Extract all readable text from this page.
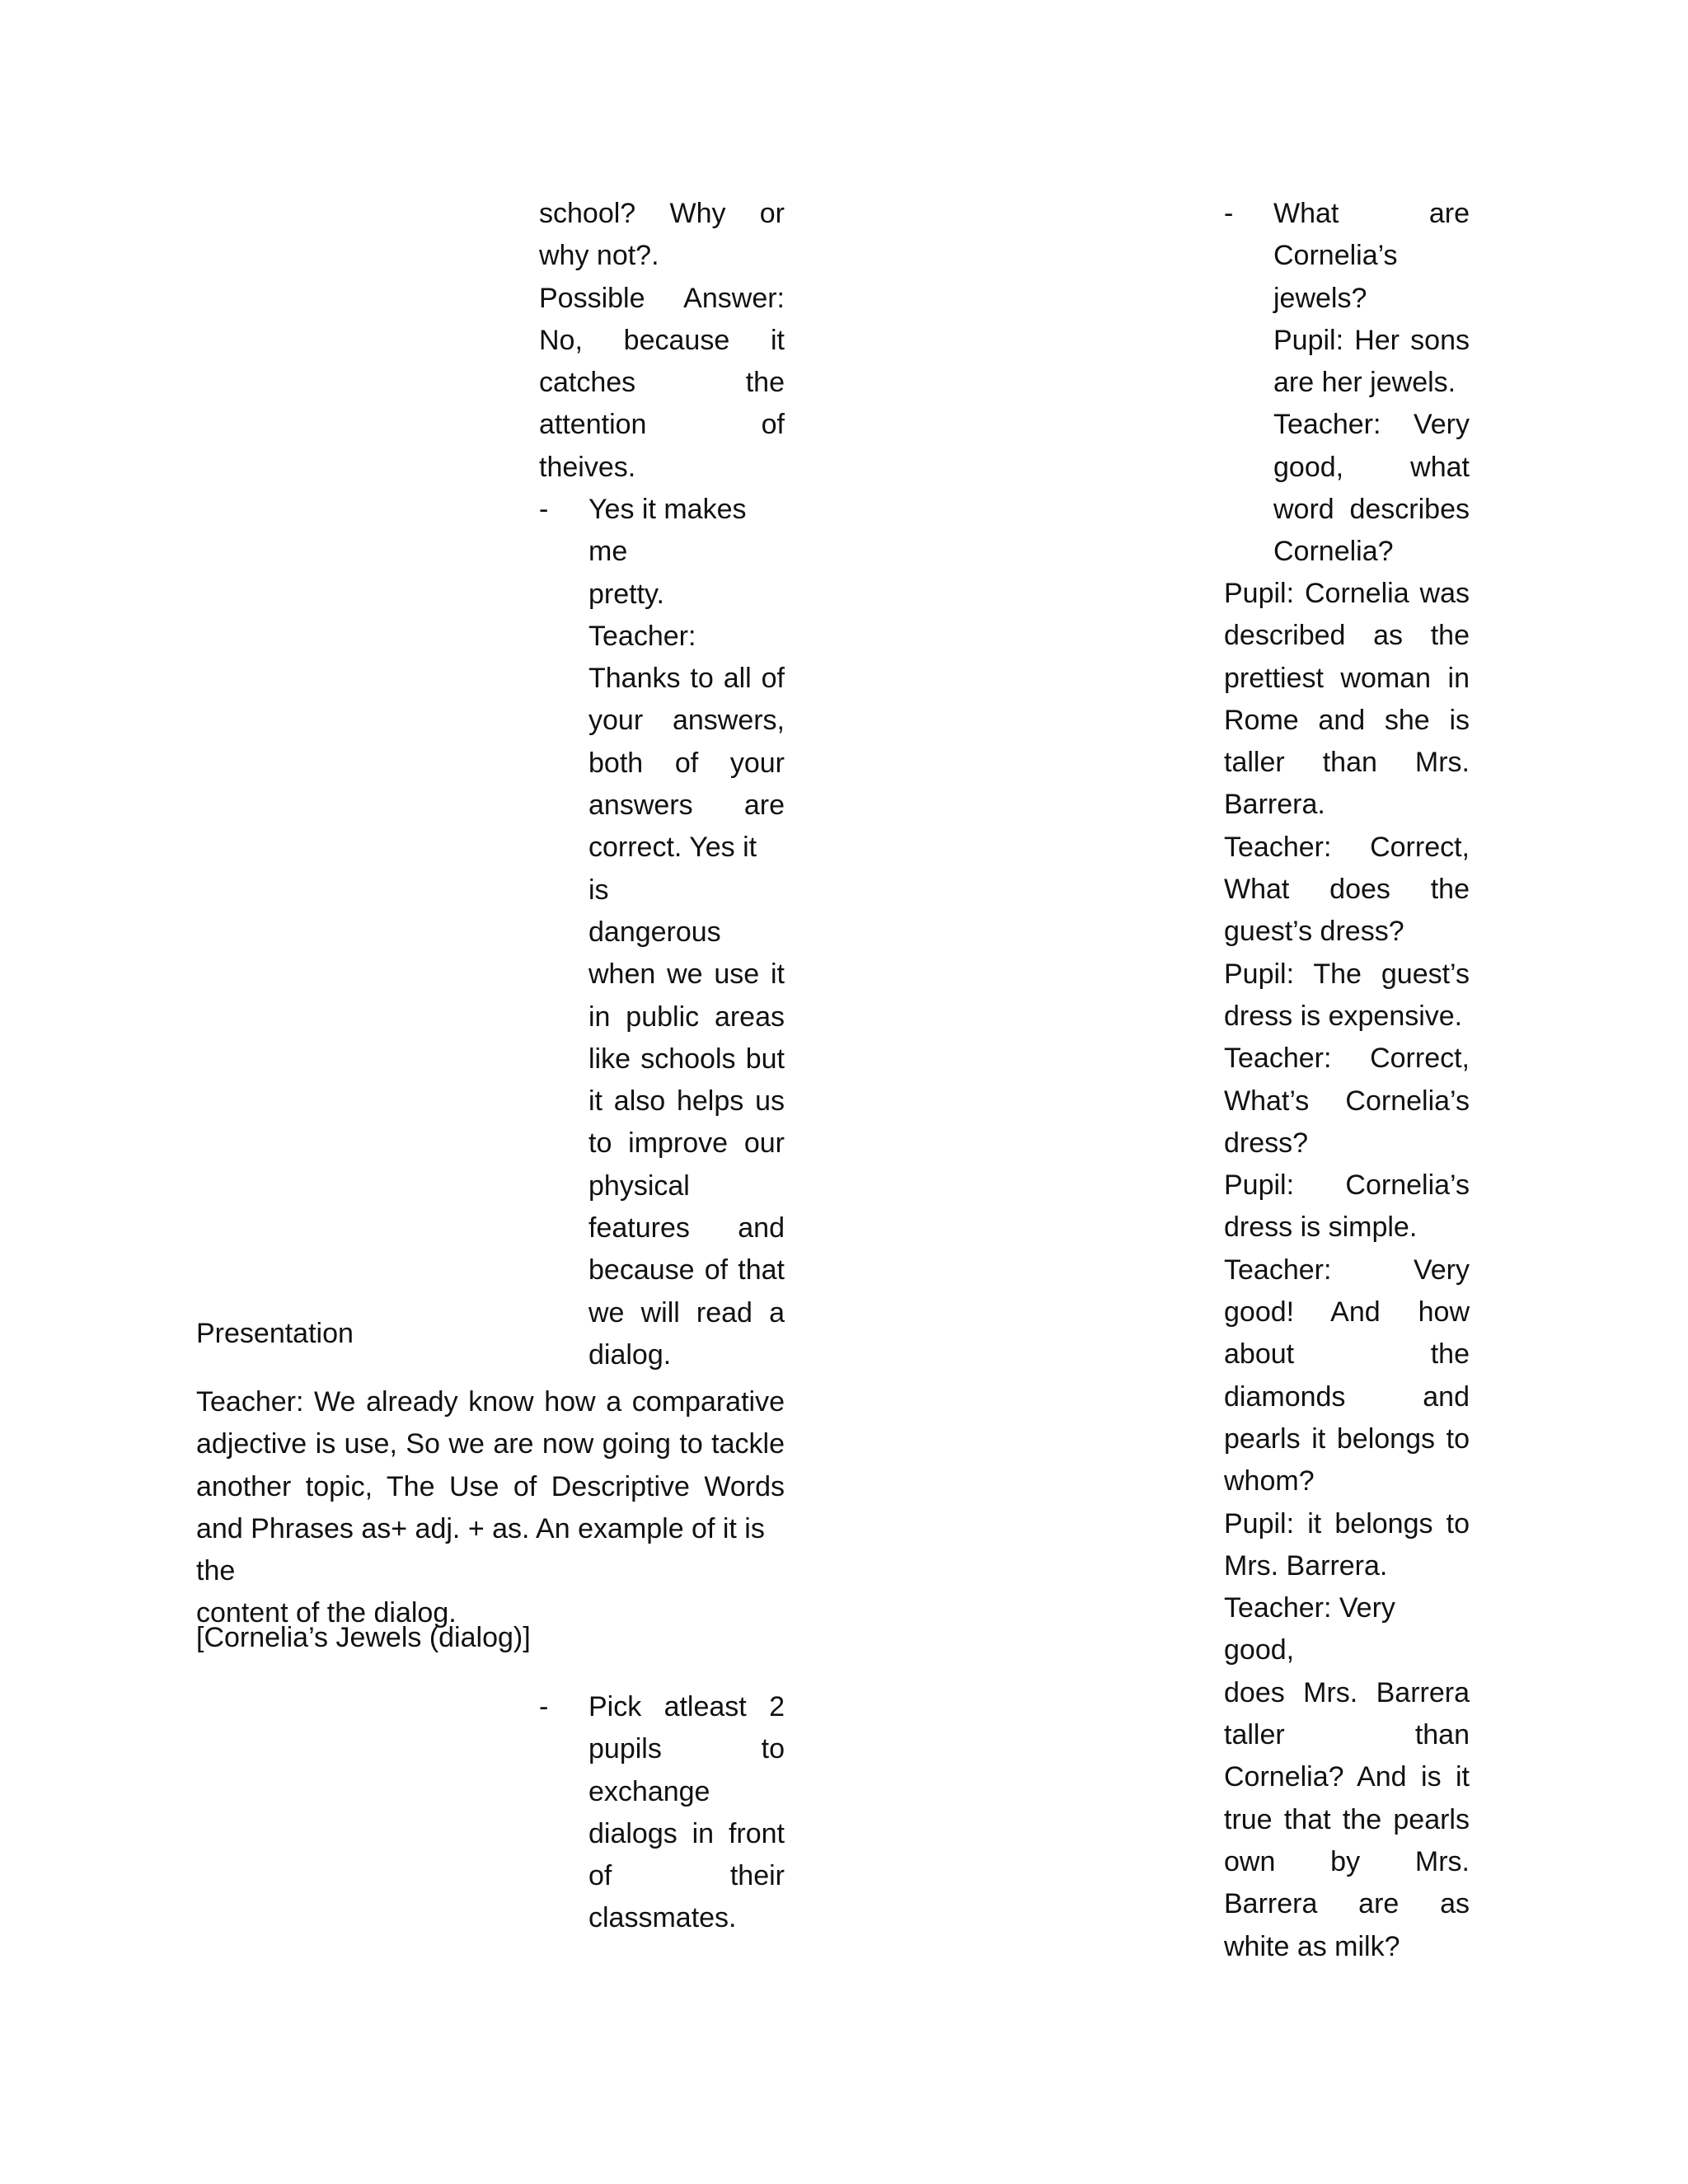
school? Why or
why not?.
Possible Answer:
No, because it
catches the
attention of
theives.
- Yes it makes me
pretty.
Teacher:
Thanks to all of
your answers,
both of your
answers are
correct. Yes it is
dangerous
when we use it
in public areas
like schools but
it also helps us
to improve our
physical
features and
because of that
we will read a
dialog.
Presentation
Teacher: We already know how a comparative
adjective is use, So we are now going to tackle
another topic, The Use of Descriptive Words
and Phrases as+ adj. + as. An example of it is the
content of the dialog.
[Cornelia’s Jewels (dialog)]
- Pick atleast 2
pupils to
exchange
dialogs in front
of their
classmates.
- What are
Cornelia’s
jewels?
Pupil: Her sons
are her jewels.
Teacher: Very
good, what
word describes
Cornelia?
Pupil: Cornelia was
described as the
prettiest woman in
Rome and she is
taller than Mrs.
Barrera.
Teacher: Correct,
What does the
guest’s dress?
Pupil: The guest’s
dress is expensive.
Teacher: Correct,
What’s Cornelia’s
dress?
Pupil: Cornelia’s
dress is simple.
Teacher: Very
good! And how
about the
diamonds and
pearls it belongs to
whom?
Pupil: it belongs to
Mrs. Barrera.
Teacher: Very good,
does Mrs. Barrera
taller than
Cornelia? And is it
true that the pearls
own by Mrs.
Barrera are as
white as milk?
